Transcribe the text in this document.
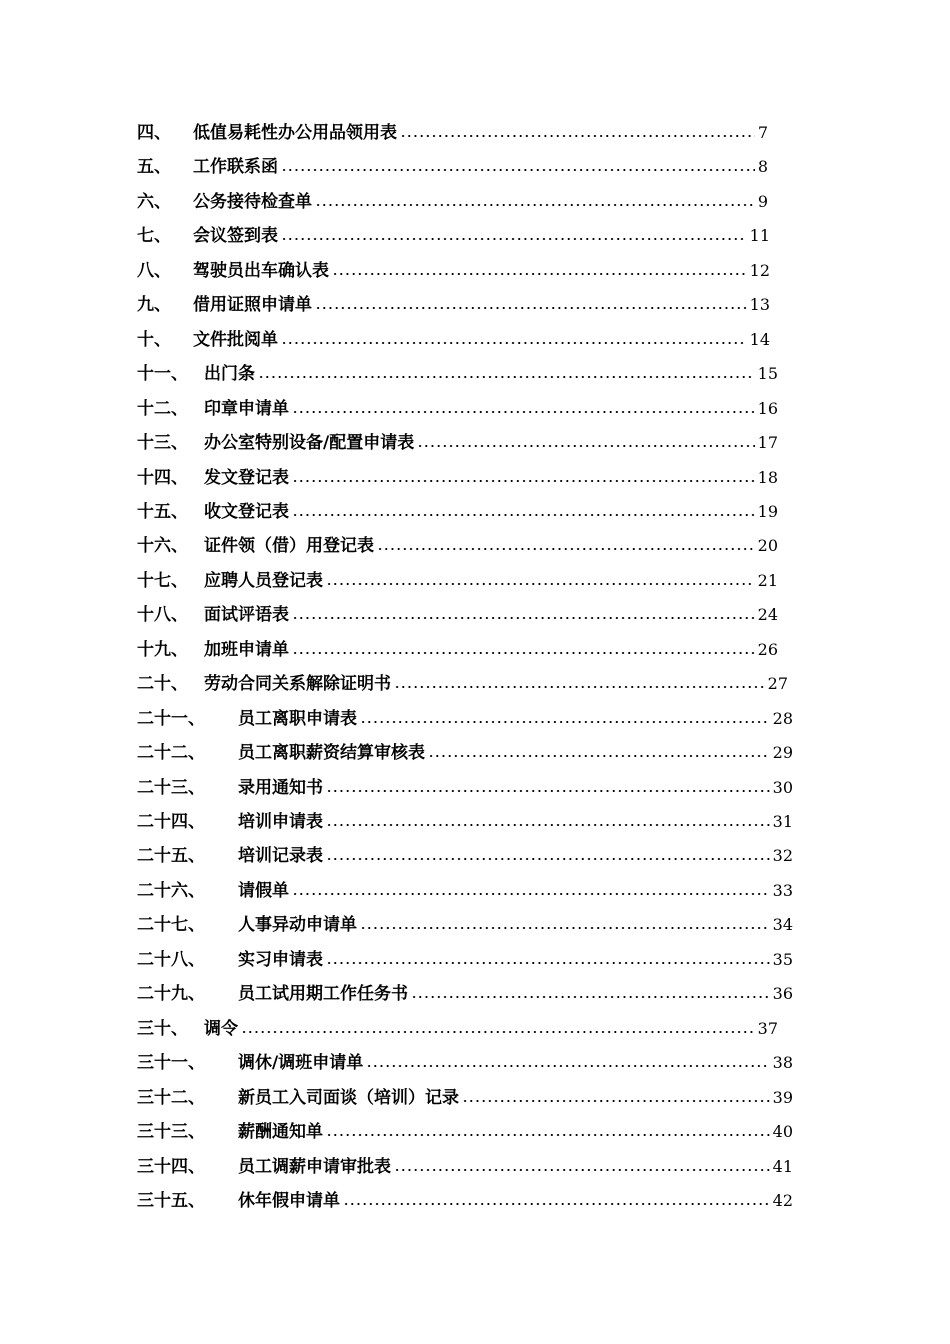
四、 低值易耗性办公用品领用表	7
五、 工作联系函	8
六、 公务接待检查单	9
七、 会议签到表	11
八、 驾驶员出车确认表	12
九、 借用证照申请单	13
十、 文件批阅单	14
十一、 出门条	15
十二、 印章申请单	16
十三、 办公室特别设备/配置申请表	17
十四、 发文登记表	18
十五、 收文登记表	19
十六、 证件领（借）用登记表	20
十七、 应聘人员登记表	21
十八、 面试评语表	24
十九、 加班申请单	26
二十、 劳动合同关系解除证明书	27
二十一、 员工离职申请表	28
二十二、 员工离职薪资结算审核表	29
二十三、 录用通知书	30
二十四、 培训申请表	31
二十五、 培训记录表	32
二十六、 请假单	33
二十七、 人事异动申请单	34
二十八、 实习申请表	35
二十九、 员工试用期工作任务书	36
三十、 调令	37
三十一、 调休/调班申请单	38
三十二、 新员工入司面谈（培训）记录	39
三十三、 薪酬通知单	40
三十四、 员工调薪申请审批表	41
三十五、 休年假申请单	42
